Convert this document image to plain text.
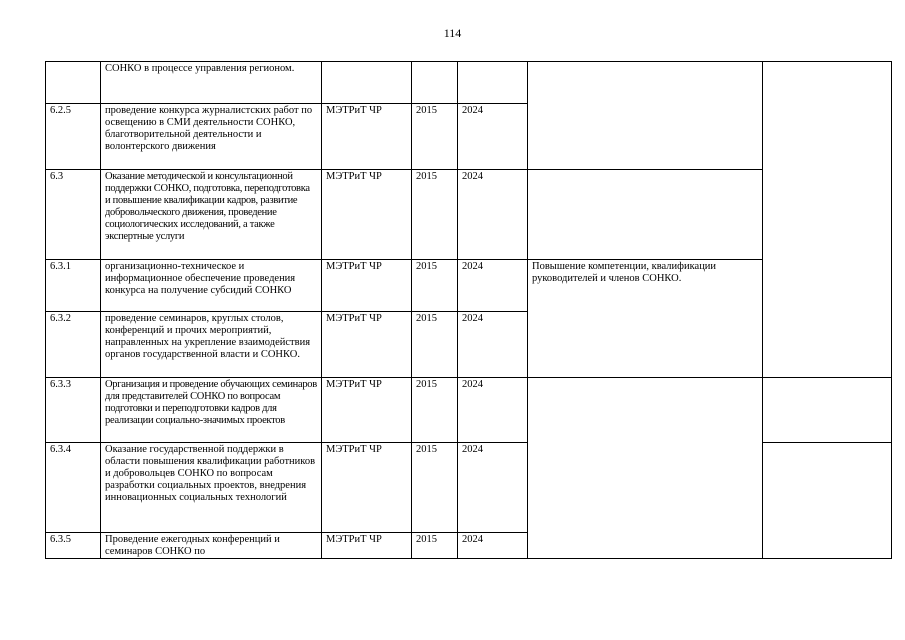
114
	СОНКО в процессе управления регионом.					
6.2.5	проведение конкурса журналистских работ по освещению в СМИ деятельности СОНКО, благотворительной деятельности и волонтерского движения	МЭТРиТ ЧР	2015	2024		
6.3	Оказание методической и консультационной поддержки СОНКО, подготовка, переподготовка и повышение квалификации кадров, развитие добровольческого движения, проведение социологических исследований, а также экспертные услуги	МЭТРиТ ЧР	2015	2024		
6.3.1	организационно-техническое и информационное обеспечение проведения конкурса на получение субсидий СОНКО	МЭТРиТ ЧР	2015	2024	Повышение компетенции, квалификации руководителей и членов СОНКО.	
6.3.2	проведение семинаров, круглых столов, конференций и прочих мероприятий, направленных на укрепление взаимодействия органов государственной власти и СОНКО.	МЭТРиТ ЧР	2015	2024		
6.3.3	Организация и проведение обучающих семинаров для представителей СОНКО по вопросам подготовки и переподготовки кадров для реализации социально-значимых проектов	МЭТРиТ ЧР	2015	2024		
6.3.4	Оказание государственной поддержки в области повышения квалификации работников и добровольцев СОНКО по вопросам разработки социальных проектов, внедрения инновационных социальных технологий	МЭТРиТ ЧР	2015	2024		
6.3.5	Проведение ежегодных конференций и семинаров СОНКО по	МЭТРиТ ЧР	2015	2024		
